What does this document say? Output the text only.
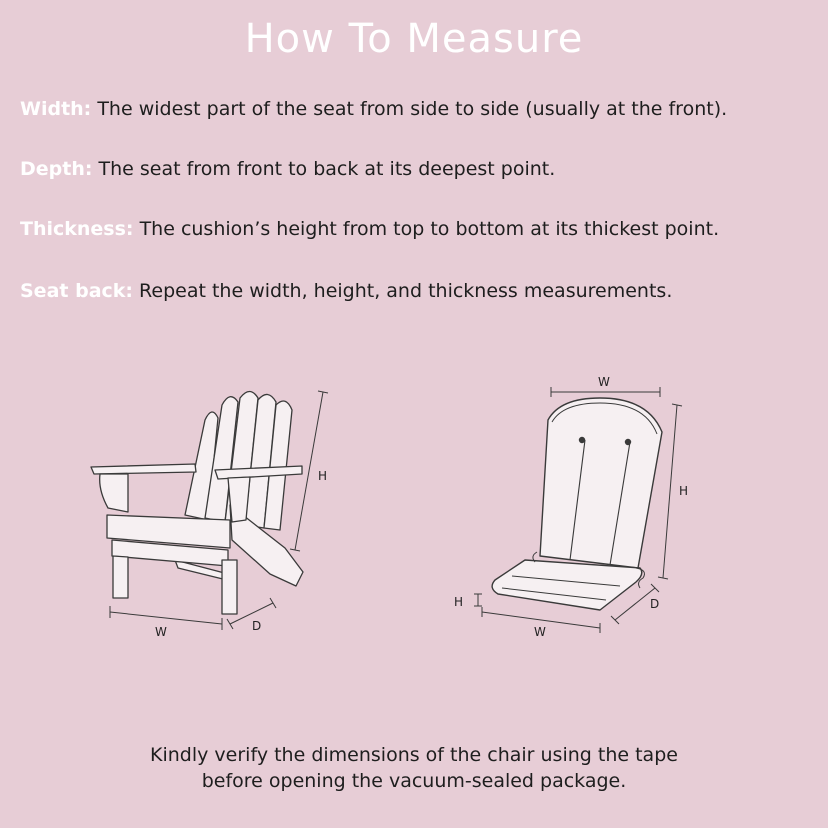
How To Measure
Width: The widest part of the seat from side to side (usually at the front).
Depth: The seat from front to back at its deepest point.
Thickness: The cushion’s height from top to bottom at its thickest point.
Seat back: Repeat the width, height, and thickness measurements.
W	D
H
W
H
H	D
W
Kindly verify the dimensions of the chair using the tape
before opening the vacuum-sealed package.
